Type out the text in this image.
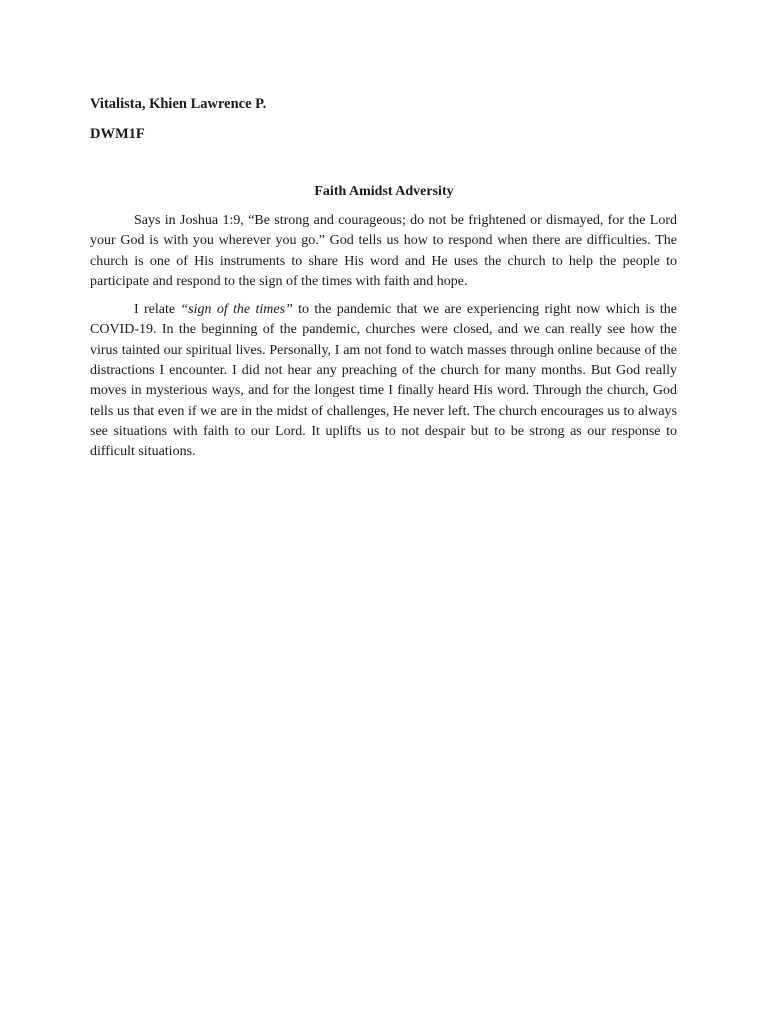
Vitalista, Khien Lawrence P.
DWM1F
Faith Amidst Adversity

Says in Joshua 1:9, “Be strong and courageous; do not be frightened or dismayed, for the Lord your God is with you wherever you go.” God tells us how to respond when there are difficulties. The church is one of His instruments to share His word and He uses the church to help the people to participate and respond to the sign of the times with faith and hope.

I relate “sign of the times” to the pandemic that we are experiencing right now which is the COVID-19. In the beginning of the pandemic, churches were closed, and we can really see how the virus tainted our spiritual lives. Personally, I am not fond to watch masses through online because of the distractions I encounter. I did not hear any preaching of the church for many months. But God really moves in mysterious ways, and for the longest time I finally heard His word. Through the church, God tells us that even if we are in the midst of challenges, He never left. The church encourages us to always see situations with faith to our Lord. It uplifts us to not despair but to be strong as our response to difficult situations.
